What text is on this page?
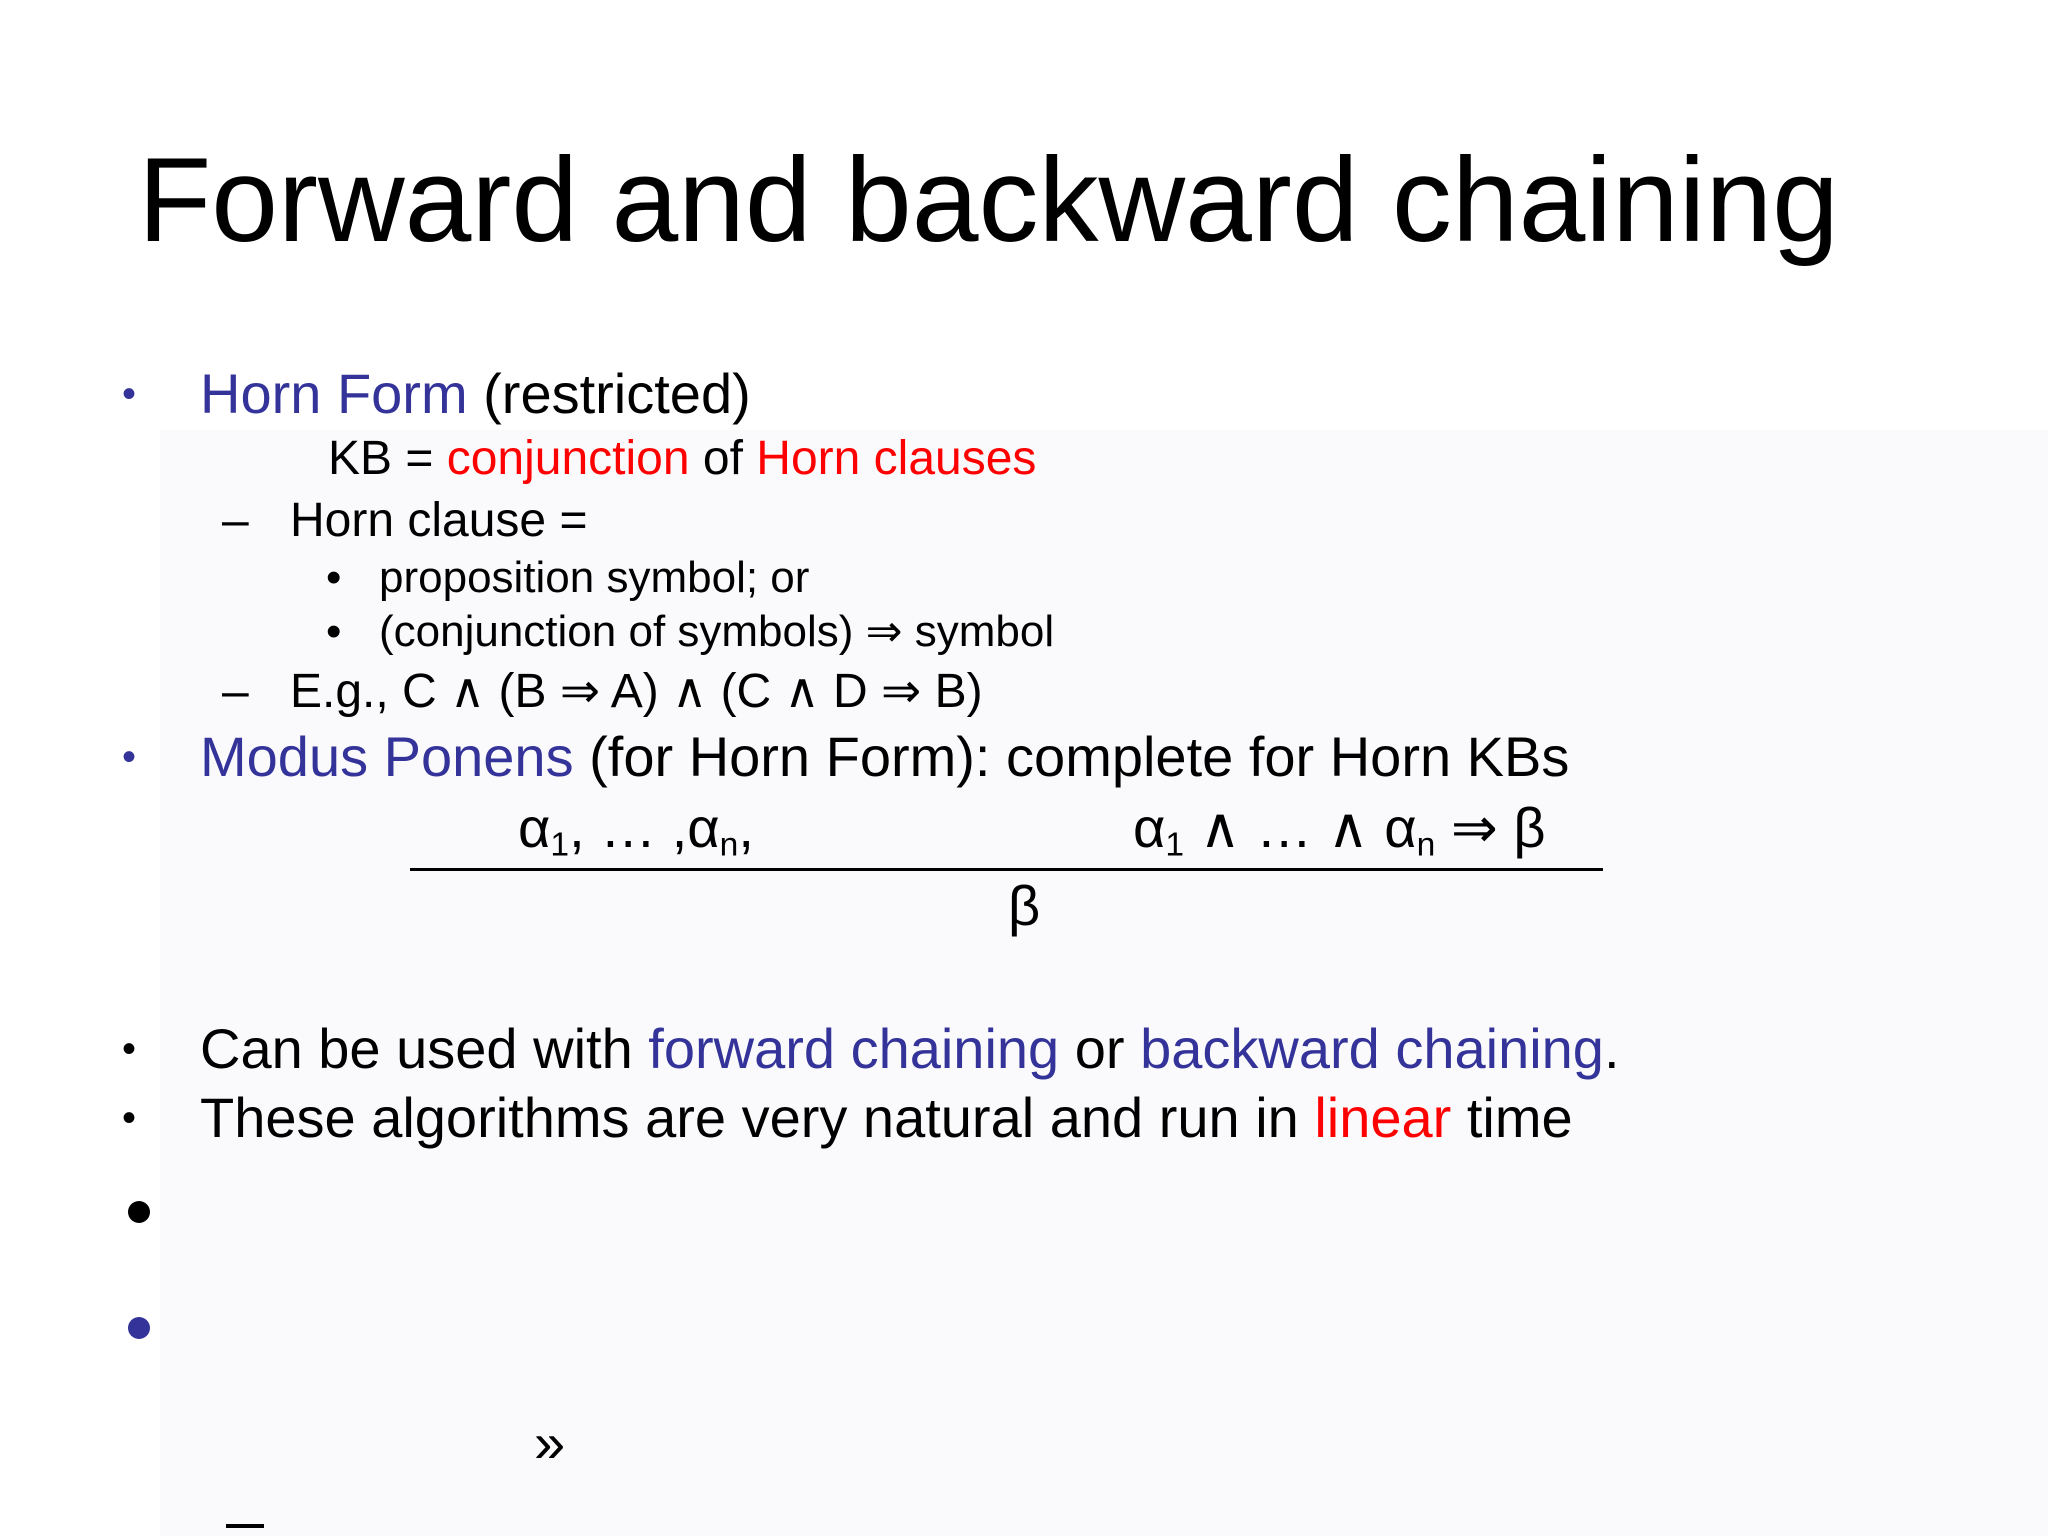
Forward and backward chaining
• Horn Form (restricted)
KB = conjunction of Horn clauses
– Horn clause =
• proposition symbol; or
• (conjunction of symbols) ⇒ symbol
– E.g., C ∧ (B ⇒ A) ∧ (C ∧ D ⇒ B)
• Modus Ponens (for Horn Form): complete for Horn KBs
$\alpha_1$, … $,\alpha_n$,	$\alpha_1$ ∧ … ∧ $\alpha_n$ ⇒ β
β
• Can be used with forward chaining or backward chaining.
• These algorithms are very natural and run in linear time
»
